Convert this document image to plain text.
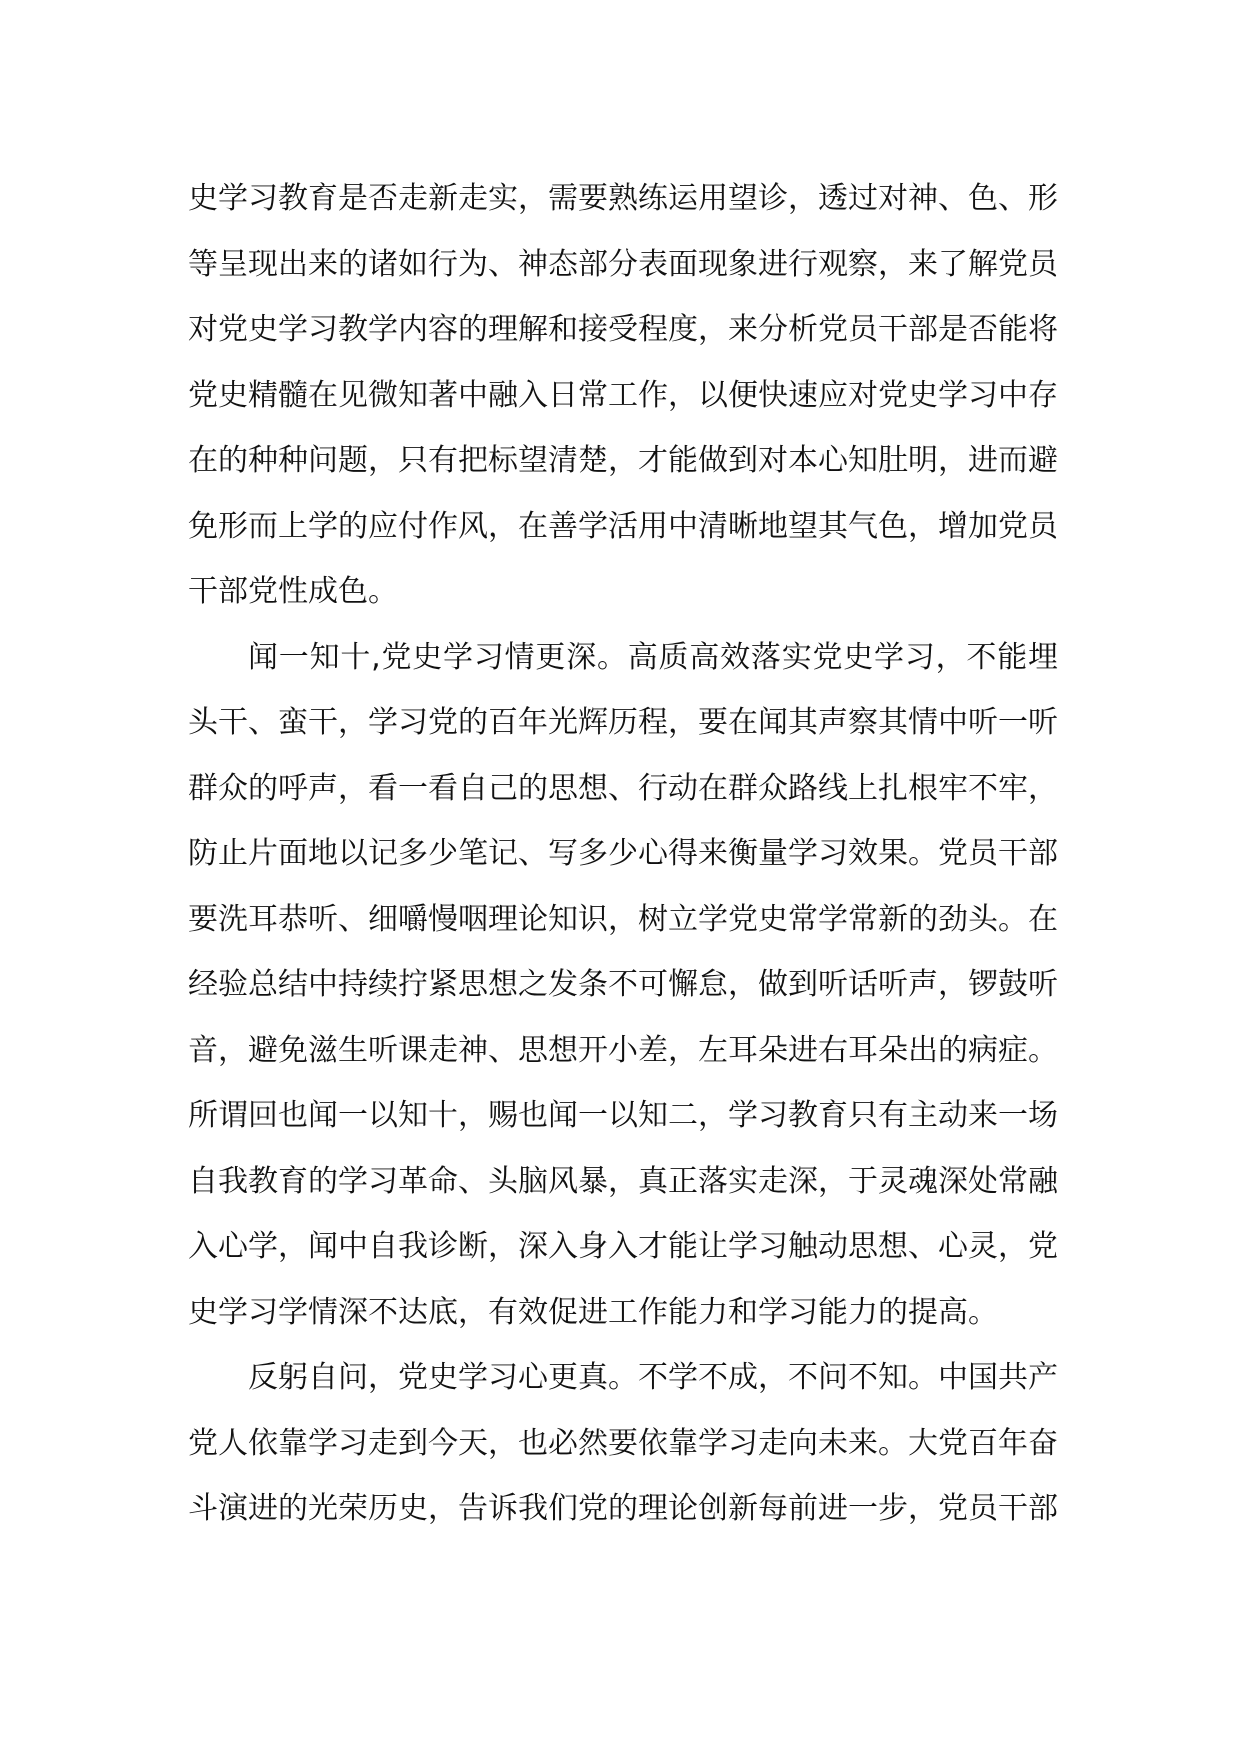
史学习教育是否走新走实，需要熟练运用望诊，透过对神、色、形等呈现出来的诸如行为、神态部分表面现象进行观察，来了解党员对党史学习教学内容的理解和接受程度，来分析党员干部是否能将党史精髓在见微知著中融入日常工作，以便快速应对党史学习中存在的种种问题，只有把标望清楚，才能做到对本心知肚明，进而避免形而上学的应付作风，在善学活用中清晰地望其气色，增加党员干部党性成色。

闻一知十,党史学习情更深。高质高效落实党史学习，不能埋头干、蛮干，学习党的百年光辉历程，要在闻其声察其情中听一听群众的呼声，看一看自己的思想、行动在群众路线上扎根牢不牢，防止片面地以记多少笔记、写多少心得来衡量学习效果。党员干部要洗耳恭听、细嚼慢咽理论知识，树立学党史常学常新的劲头。在经验总结中持续拧紧思想之发条不可懈怠，做到听话听声，锣鼓听音，避免滋生听课走神、思想开小差，左耳朵进右耳朵出的病症。所谓回也闻一以知十，赐也闻一以知二，学习教育只有主动来一场自我教育的学习革命、头脑风暴，真正落实走深，于灵魂深处常融入心学，闻中自我诊断，深入身入才能让学习触动思想、心灵，党史学习学情深不达底，有效促进工作能力和学习能力的提高。

反躬自问，党史学习心更真。不学不成，不问不知。中国共产党人依靠学习走到今天，也必然要依靠学习走向未来。大党百年奋斗演进的光荣历史，告诉我们党的理论创新每前进一步，党员干部
